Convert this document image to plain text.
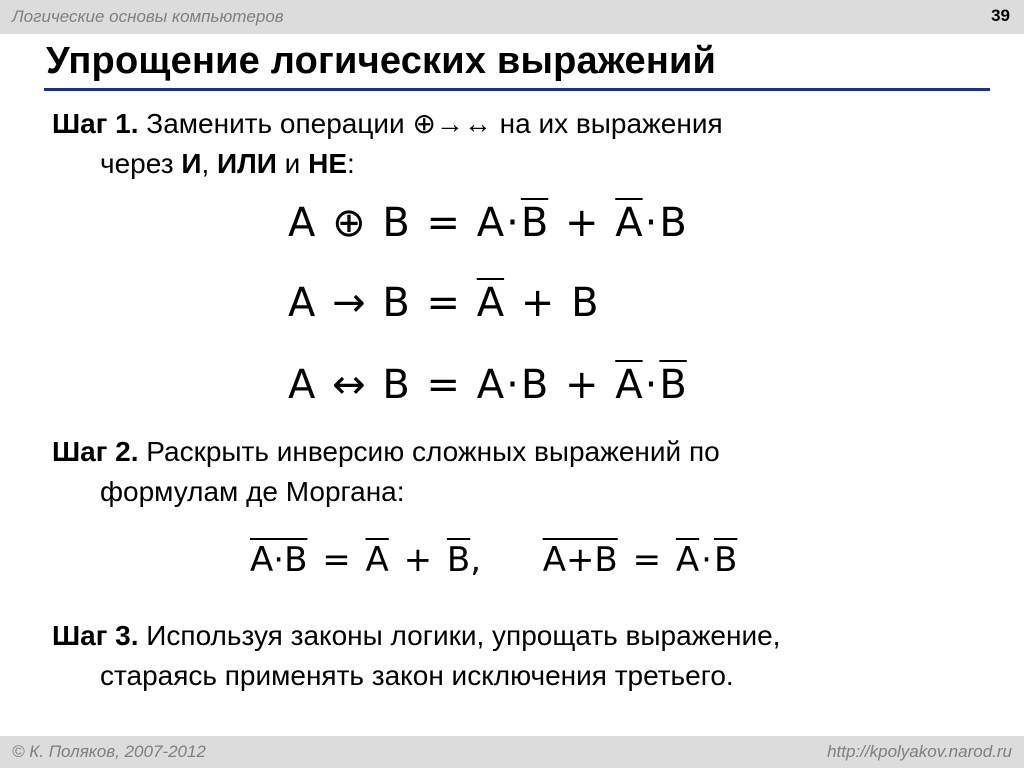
Логические основы компьютеров	39
Упрощение логических выражений
Шаг 1. Заменить операции ⊕→↔ на их выражения
через И, ИЛИ и НЕ:
A ⊕ $B = A\cdot\overline{B} + \overline{A}\cdot B$
$A \to B = \overline{A} + B$
A ↔ $B = A\cdot B + \overline{A}\cdot\overline{B}$
Шаг 2. Раскрыть инверсию сложных выражений по
формулам де Моргана:
$A\cdot B = \overline{A} + \overline{B}$, $A+B = \overline{A}\cdot\overline{B}$
Шаг 3. Используя законы логики, упрощать выражение,
стараясь применять закон исключения третьего.
© К. Поляков, 2007-2012	http://kpolyakov.narod.ru
